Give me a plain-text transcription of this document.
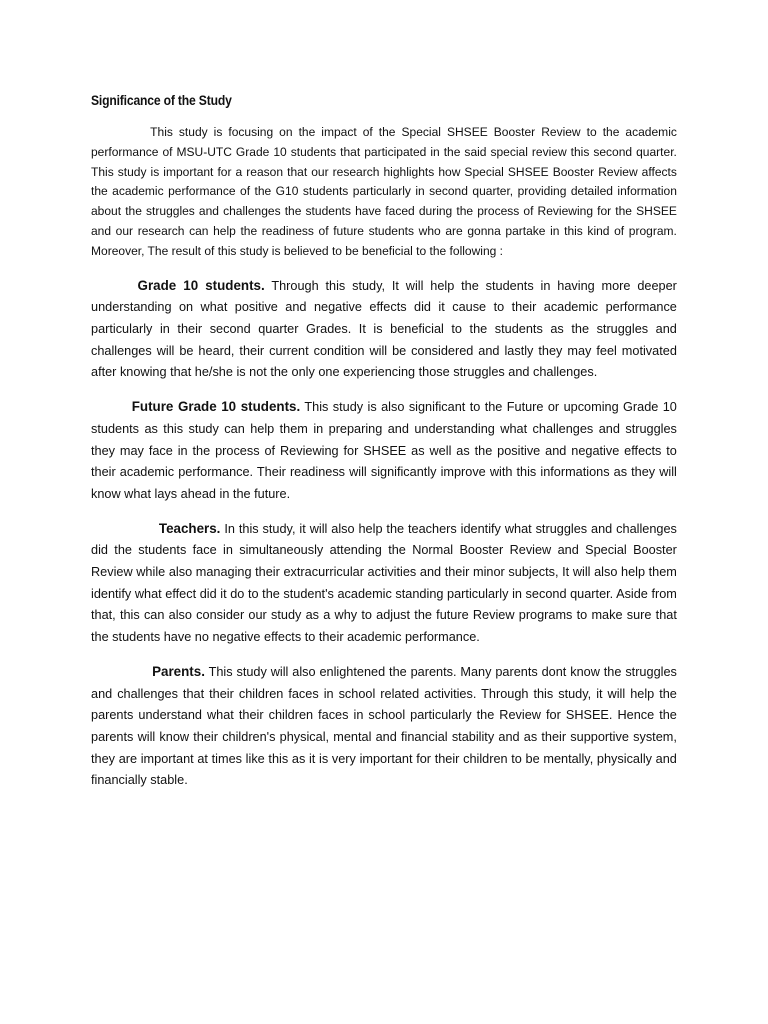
Significance of the Study

This study is focusing on the impact of the Special SHSEE Booster Review to the academic performance of MSU-UTC Grade 10 students that participated in the said special review this second quarter. This study is important for a reason that our research highlights how Special SHSEE Booster Review affects the academic performance of the G10 students particularly in second quarter, providing detailed information about the struggles and challenges the students have faced during the process of Reviewing for the SHSEE and our research can help the readiness of future students who are gonna partake in this kind of program. Moreover, The result of this study is believed to be beneficial to the following :

Grade 10 students. Through this study, It will help the students in having more deeper understanding on what positive and negative effects did it cause to their academic performance particularly in their second quarter Grades. It is beneficial to the students as the struggles and challenges will be heard, their current condition will be considered and lastly they may feel motivated after knowing that he/she is not the only one experiencing those struggles and challenges.

Future Grade 10 students. This study is also significant to the Future or upcoming Grade 10 students as this study can help them in preparing and understanding what challenges and struggles they may face in the process of Reviewing for SHSEE as well as the positive and negative effects to their academic performance. Their readiness will significantly improve with this informations as they will know what lays ahead in the future.

Teachers. In this study, it will also help the teachers identify what struggles and challenges did the students face in simultaneously attending the Normal Booster Review and Special Booster Review while also managing their extracurricular activities and their minor subjects, It will also help them identify what effect did it do to the student's academic standing particularly in second quarter. Aside from that, this can also consider our study as a why to adjust the future Review programs to make sure that the students have no negative effects to their academic performance.

Parents. This study will also enlightened the parents. Many parents dont know the struggles and challenges that their children faces in school related activities. Through this study, it will help the parents understand what their children faces in school particularly the Review for SHSEE. Hence the parents will know their children's physical, mental and financial stability and as their supportive system, they are important at times like this as it is very important for their children to be mentally, physically and financially stable.
